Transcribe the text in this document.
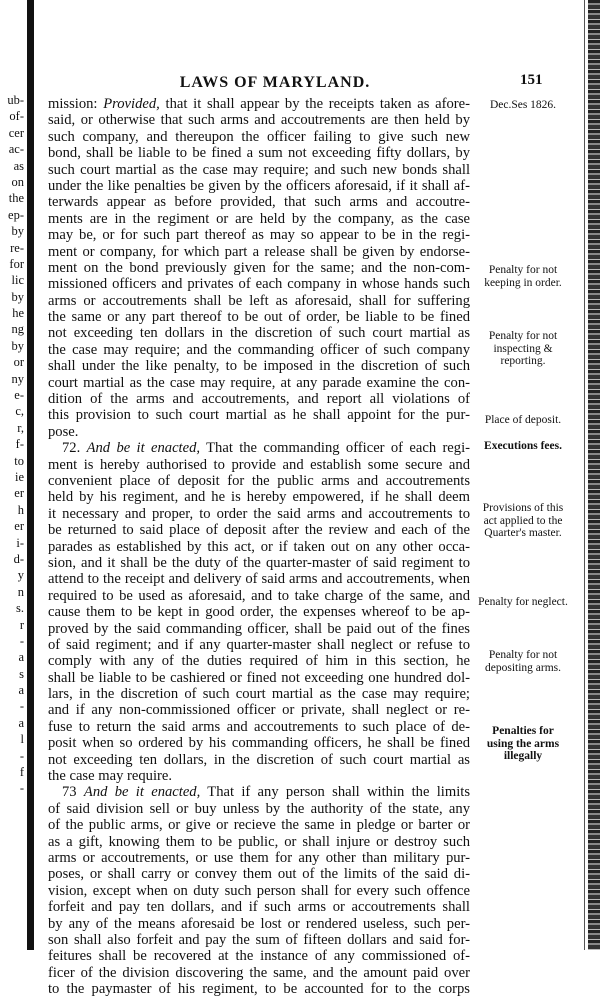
ub-
of-
cer
ac-
as
on
the
ep-
by
re-
for
lic
by
he
ng
by
or
ny
e-
c,
r,
f-
to
ie
er
h
er
i-
d-
y
n
s.
r
-
a
s
a
-
a
l
-
f
-
LAWS OF MARYLAND.	151
mission: Provided, that it shall appear by the receipts taken as afore-
said, or otherwise that such arms and accoutrements are then held by
such company, and thereupon the officer failing to give such new
bond, shall be liable to be fined a sum not exceeding fifty dollars, by
such court martial as the case may require; and such new bonds shall
under the like penalties be given by the officers aforesaid, if it shall af-
terwards appear as before provided, that such arms and accoutre-
ments are in the regiment or are held by the company, as the case
may be, or for such part thereof as may so appear to be in the regi-
ment or company, for which part a release shall be given by endorse-
ment on the bond previously given for the same; and the non-com-
missioned officers and privates of each company in whose hands such
arms or accoutrements shall be left as aforesaid, shall for suffering
the same or any part thereof to be out of order, be liable to be fined
not exceeding ten dollars in the discretion of such court martial as
the case may require; and the commanding officer of such company
shall under the like penalty, to be imposed in the discretion of such
court martial as the case may require, at any parade examine the con-
dition of the arms and accoutrements, and report all violations of
this provision to such court martial as he shall appoint for the pur-
pose.
72. And be it enacted, That the commanding officer of each regi-
ment is hereby authorised to provide and establish some secure and
convenient place of deposit for the public arms and accoutrements
held by his regiment, and he is hereby empowered, if he shall deem
it necessary and proper, to order the said arms and accoutrements to
be returned to said place of deposit after the review and each of the
parades as established by this act, or if taken out on any other occa-
sion, and it shall be the duty of the quarter-master of said regiment to
attend to the receipt and delivery of said arms and accoutrements, when
required to be used as aforesaid, and to take charge of the same, and
cause them to be kept in good order, the expenses whereof to be ap-
proved by the said commanding officer, shall be paid out of the fines
of said regiment; and if any quarter-master shall neglect or refuse to
comply with any of the duties required of him in this section, he
shall be liable to be cashiered or fined not exceeding one hundred dol-
lars, in the discretion of such court martial as the case may require;
and if any non-commissioned officer or private, shall neglect or re-
fuse to return the said arms and accoutrements to such place of de-
posit when so ordered by his commanding officers, he shall be fined
not exceeding ten dollars, in the discretion of such court martial as
the case may require.
73 And be it enacted, That if any person shall within the limits
of said division sell or buy unless by the authority of the state, any
of the public arms, or give or recieve the same in pledge or barter or
as a gift, knowing them to be public, or shall injure or destroy such
arms or accoutrements, or use them for any other than military pur-
poses, or shall carry or convey them out of the limits of the said di-
vision, except when on duty such person shall for every such offence
forfeit and pay ten dollars, and if such arms or accoutrements shall
by any of the means aforesaid be lost or rendered useless, such per-
son shall also forfeit and pay the sum of fifteen dollars and said for-
feitures shall be recovered at the instance of any commissioned of-
ficer of the division discovering the same, and the amount paid over
to the paymaster of his regiment, to be accounted for to the corps
Dec.Ses 1826.
Penalty for not keeping in order.
Penalty for not inspecting & reporting.
Place of deposit.
Executions fees.
Provisions of this act applied to the Quarter's master.
Penalty for neglect.
Penalty for not depositing arms.
Penalties for using the arms illegally
